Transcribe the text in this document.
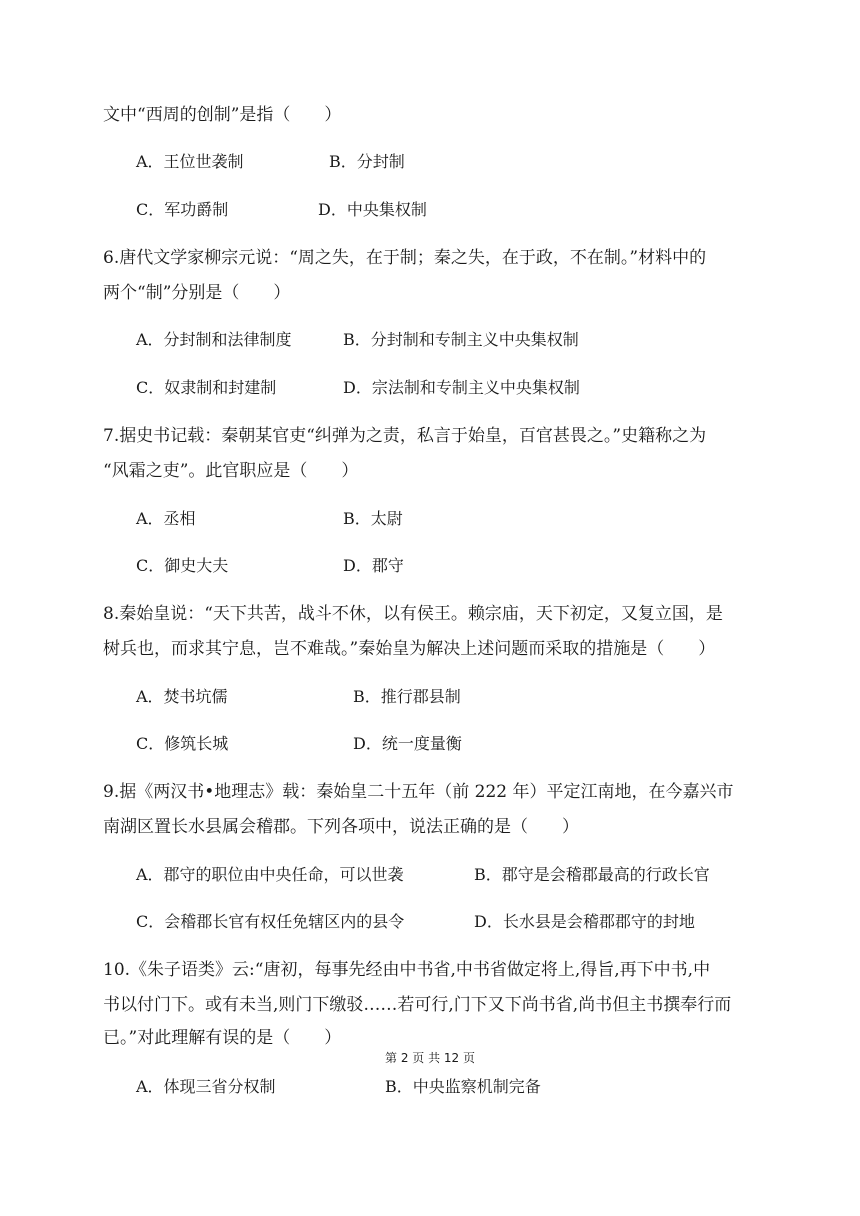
文中“西周的创制”是指（　　）
A．王位世袭制	B．分封制
C．军功爵制	D．中央集权制
6.唐代文学家柳宗元说：“周之失，在于制；秦之失，在于政，不在制。”材料中的
两个“制”分别是（　　）
A．分封制和法律制度	B．分封制和专制主义中央集权制
C．奴隶制和封建制	D．宗法制和专制主义中央集权制
7.据史书记载：秦朝某官吏“纠弹为之责，私言于始皇，百官甚畏之。”史籍称之为
“风霜之吏”。此官职应是（　　）
A．丞相	B．太尉
C．御史大夫	D．郡守
8.秦始皇说：“天下共苦，战斗不休，以有侯王。赖宗庙，天下初定，又复立国，是
树兵也，而求其宁息，岂不难哉。”秦始皇为解决上述问题而采取的措施是（　　）
A．焚书坑儒	B．推行郡县制
C．修筑长城	D．统一度量衡
9.据《两汉书•地理志》载：秦始皇二十五年（前 222 年）平定江南地，在今嘉兴市
南湖区置长水县属会稽郡。下列各项中，说法正确的是（　　）
A．郡守的职位由中央任命，可以世袭	B．郡守是会稽郡最高的行政长官
C．会稽郡长官有权任免辖区内的县令	D．长水县是会稽郡郡守的封地
10.《朱子语类》云:“唐初，每事先经由中书省,中书省做定将上,得旨,再下中书,中
书以付门下。或有未当,则门下缴驳……若可行,门下又下尚书省,尚书但主书撰奉行而
已。”对此理解有误的是（　　）
第 2 页 共 12 页
A．体现三省分权制	B．中央监察机制完备
